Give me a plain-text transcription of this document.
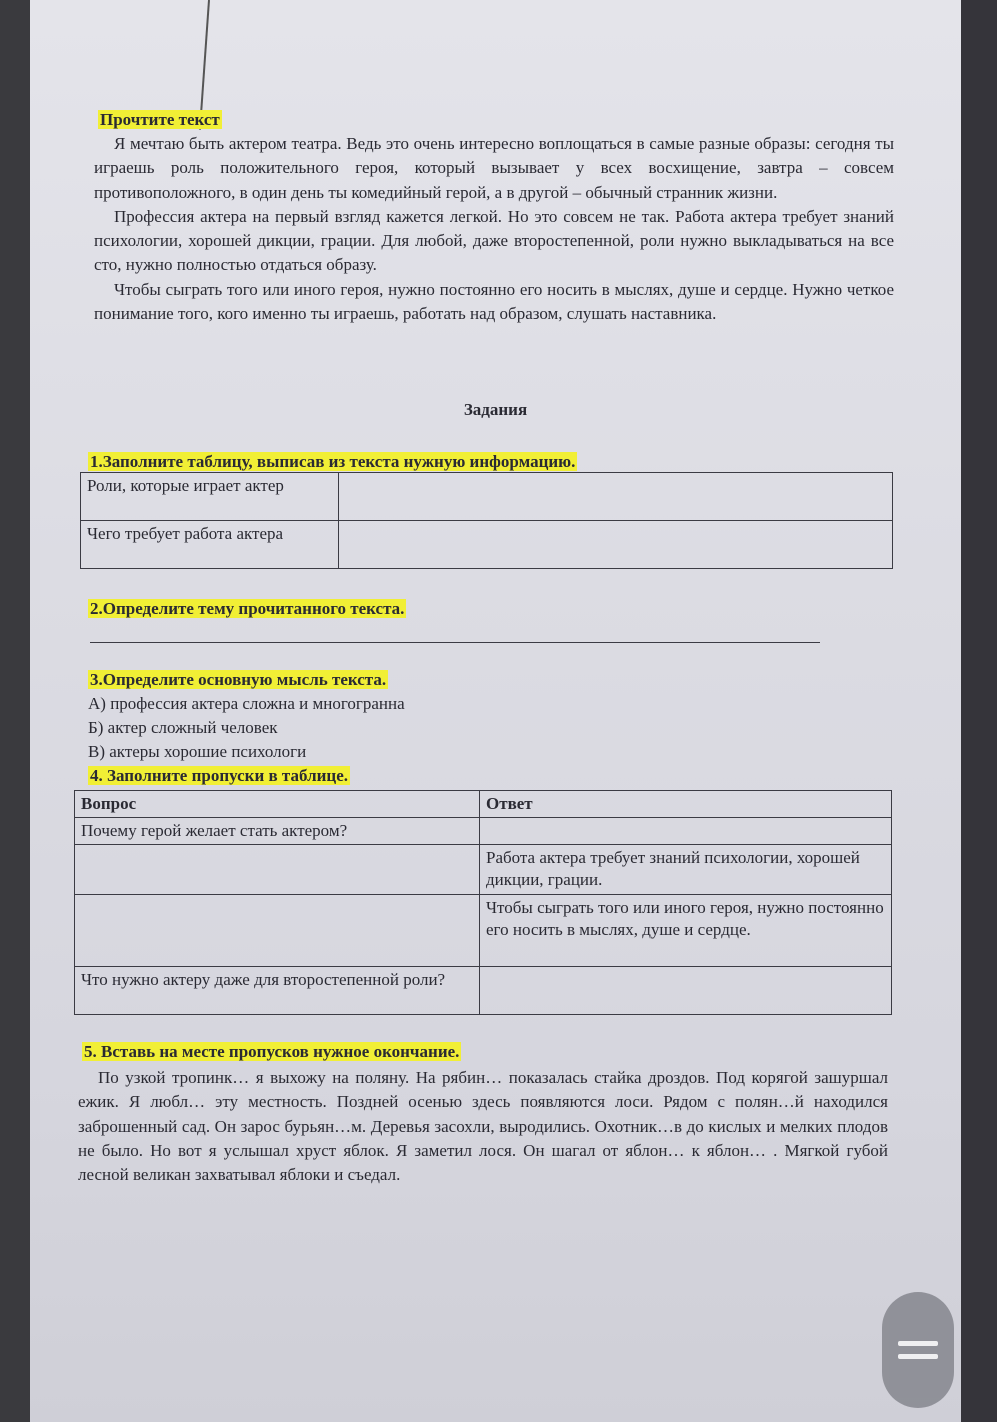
Прочтите текст

Я мечтаю быть актером театра. Ведь это очень интересно воплощаться в самые разные образы: сегодня ты играешь роль положительного героя, который вызывает у всех восхищение, завтра – совсем противоположного, в один день ты комедийный герой, а в другой – обычный странник жизни.

Профессия актера на первый взгляд кажется легкой. Но это совсем не так. Работа актера требует знаний психологии, хорошей дикции, грации. Для любой, даже второстепенной, роли нужно выкладываться на все сто, нужно полностью отдаться образу.

Чтобы сыграть того или иного героя, нужно постоянно его носить в мыслях, душе и сердце. Нужно четкое понимание того, кого именно ты играешь, работать над образом, слушать наставника.

Задания
1.Заполните таблицу, выписав из текста нужную информацию.
Роли, которые играет актер	
Чего требует работа актера	
2.Определите тему прочитанного текста.
3.Определите основную мысль текста.
А) профессия актера сложна и многогранна
Б) актер сложный человек
В) актеры хорошие психологи
4. Заполните пропуски в таблице.
Вопрос	Ответ
Почему герой желает стать актером?	
	Работа актера требует знаний психологии, хорошей дикции, грации.
	Чтобы сыграть того или иного героя, нужно постоянно его носить в мыслях, душе и сердце.
Что нужно актеру даже для второстепенной роли?	
5. Вставь на месте пропусков нужное окончание.

По узкой тропинк… я выхожу на поляну. На рябин… показалась стайка дроздов. Под корягой зашуршал ежик. Я любл… эту местность. Поздней осенью здесь появляются лоси. Рядом с полян…й находился заброшенный сад. Он зарос бурьян…м. Деревья засохли, выродились. Охотник…в до кислых и мелких плодов не было. Но вот я услышал хруст яблок. Я заметил лося. Он шагал от яблон… к яблон… . Мягкой губой лесной великан захватывал яблоки и съедал.
